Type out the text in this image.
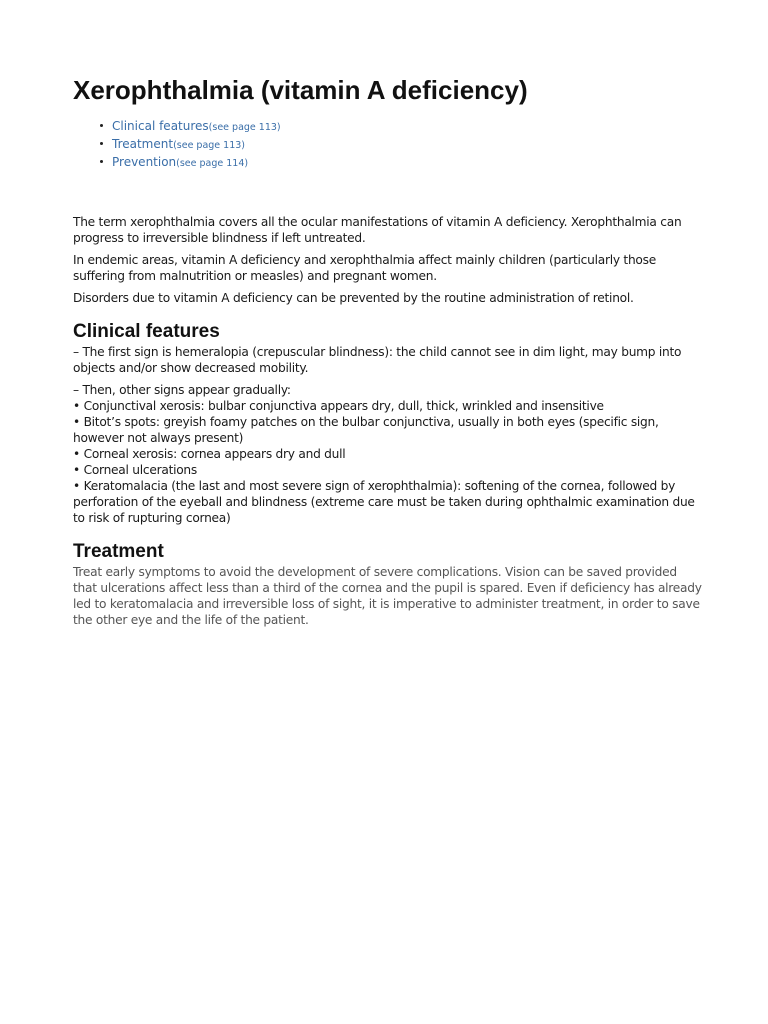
Xerophthalmia (vitamin A deficiency)
Clinical features(see page 113)
Treatment(see page 113)
Prevention(see page 114)

The term xerophthalmia covers all the ocular manifestations of vitamin A deficiency. Xerophthalmia can progress to irreversible blindness if left untreated.

In endemic areas, vitamin A deficiency and xerophthalmia affect mainly children (particularly those suffering from malnutrition or measles) and pregnant women.

Disorders due to vitamin A deficiency can be prevented by the routine administration of retinol.

Clinical features
– The first sign is hemeralopia (crepuscular blindness): the child cannot see in dim light, may bump into objects and/or show decreased mobility.
– Then, other signs appear gradually:
• Conjunctival xerosis: bulbar conjunctiva appears dry, dull, thick, wrinkled and insensitive
• Bitot’s spots: greyish foamy patches on the bulbar conjunctiva, usually in both eyes (specific sign, however not always present)
• Corneal xerosis: cornea appears dry and dull
• Corneal ulcerations
• Keratomalacia (the last and most severe sign of xerophthalmia): softening of the cornea, followed by perforation of the eyeball and blindness (extreme care must be taken during ophthalmic examination due to risk of rupturing cornea)
Treatment
Treat early symptoms to avoid the development of severe complications. Vision can be saved provided that ulcerations affect less than a third of the cornea and the pupil is spared. Even if deficiency has already led to keratomalacia and irreversible loss of sight, it is imperative to administer treatment, in order to save the other eye and the life of the patient.
